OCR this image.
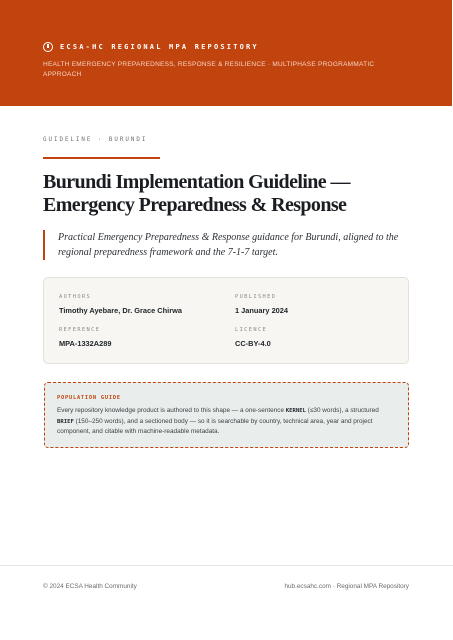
ECSA-HC REGIONAL MPA REPOSITORY
HEALTH EMERGENCY PREPAREDNESS, RESPONSE & RESILIENCE · MULTIPHASE PROGRAMMATIC APPROACH
GUIDELINE · BURUNDI
Burundi Implementation Guideline — Emergency Preparedness & Response
Practical Emergency Preparedness & Response guidance for Burundi, aligned to the regional preparedness framework and the 7-1-7 target.
AUTHORS
Timothy Ayebare, Dr. Grace Chirwa
PUBLISHED
1 January 2024
REFERENCE
MPA-1332A289
LICENCE
CC-BY-4.0
POPULATION GUIDE
Every repository knowledge product is authored to this shape — a one-sentence KERNEL (≤30 words), a structured BRIEF (150–250 words), and a sectioned body — so it is searchable by country, technical area, year and project component, and citable with machine-readable metadata.
© 2024 ECSA Health Community	hub.ecsahc.com · Regional MPA Repository
